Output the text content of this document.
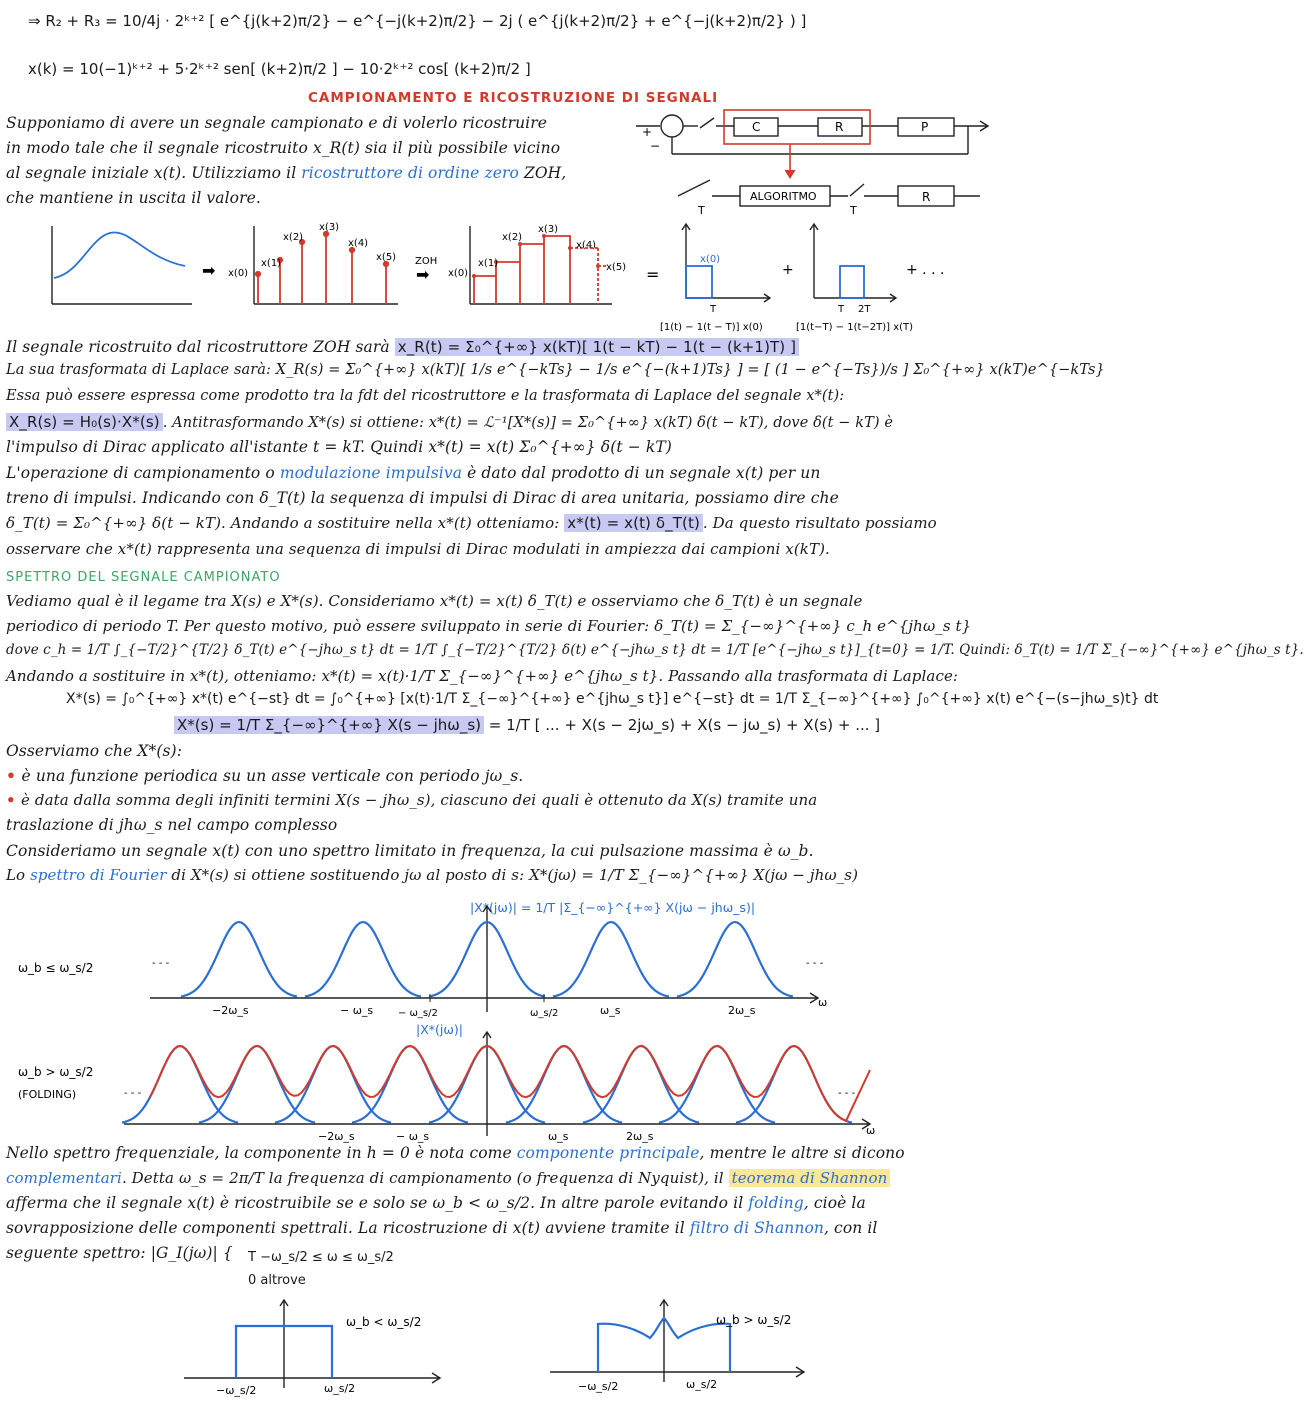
⇒ R₂ + R₃ = 10/4j · 2ᵏ⁺² [ e^{j(k+2)π/2} − e^{−j(k+2)π/2} − 2j ( e^{j(k+2)π/2} + e^{−j(k+2)π/2} ) ]
x(k) = 10(−1)ᵏ⁺² + 5·2ᵏ⁺² sen[ (k+2)π/2 ] − 10·2ᵏ⁺² cos[ (k+2)π/2 ]
CAMPIONAMENTO E RICOSTRUZIONE DI SEGNALI
Supponiamo di avere un segnale campionato e di volerlo ricostruire
in modo tale che il segnale ricostruito x_R(t) sia il più possibile vicino
al segnale iniziale x(t). Utilizziamo il ricostruttore di ordine zero ZOH,
che mantiene in uscita il valore.
+
−
C	R	P
ALGORITMO	R
T	T
➡ x(0)
x(1)
x(2)
x(3)
x(4)
x(5) ZOH
➡ x(0)
x(1)
x(2)
x(3)
x(4)
x(5) =
x(0)
T
[1(t) − 1(t − T)] x(0)
+
T 2T
[1(t−T) − 1(t−2T)] x(T)
+ . . .
Il segnale ricostruito dal ricostruttore ZOH sarà x_R(t) = Σ₀^{+∞} x(kT)[ 1(t − kT) − 1(t − (k+1)T) ]
La sua trasformata di Laplace sarà: X_R(s) = Σ₀^{+∞} x(kT)[ 1/s e^{−kTs} − 1/s e^{−(k+1)Ts} ] = [ (1 − e^{−Ts})/s ] Σ₀^{+∞} x(kT)e^{−kTs}
Essa può essere espressa come prodotto tra la fdt del ricostruttore e la trasformata di Laplace del segnale x*(t):
X_R(s) = H₀(s)·X*(s) . Antitrasformando X*(s) si ottiene: x*(t) = ℒ⁻¹[X*(s)] = Σ₀^{+∞} x(kT) δ(t − kT), dove δ(t − kT) è
l'impulso di Dirac applicato all'istante t = kT. Quindi x*(t) = x(t) Σ₀^{+∞} δ(t − kT)
L'operazione di campionamento o modulazione impulsiva è dato dal prodotto di un segnale x(t) per un
treno di impulsi. Indicando con δ_T(t) la sequenza di impulsi di Dirac di area unitaria, possiamo dire che
δ_T(t) = Σ₀^{+∞} δ(t − kT). Andando a sostituire nella x*(t) otteniamo: x*(t) = x(t) δ_T(t) . Da questo risultato possiamo
osservare che x*(t) rappresenta una sequenza di impulsi di Dirac modulati in ampiezza dai campioni x(kT).
SPETTRO DEL SEGNALE CAMPIONATO
Vediamo qual è il legame tra X(s) e X*(s). Consideriamo x*(t) = x(t) δ_T(t) e osserviamo che δ_T(t) è un segnale
periodico di periodo T. Per questo motivo, può essere sviluppato in serie di Fourier: δ_T(t) = Σ_{−∞}^{+∞} c_h e^{jhω_s t}
dove c_h = 1/T ∫_{−T/2}^{T/2} δ_T(t) e^{−jhω_s t} dt = 1/T ∫_{−T/2}^{T/2} δ(t) e^{−jhω_s t} dt = 1/T [e^{−jhω_s t}]_{t=0} = 1/T. Quindi: δ_T(t) = 1/T Σ_{−∞}^{+∞} e^{jhω_s t}.
Andando a sostituire in x*(t), otteniamo: x*(t) = x(t)·1/T Σ_{−∞}^{+∞} e^{jhω_s t}. Passando alla trasformata di Laplace:
X*(s) = ∫₀^{+∞} x*(t) e^{−st} dt = ∫₀^{+∞} [x(t)·1/T Σ_{−∞}^{+∞} e^{jhω_s t}] e^{−st} dt = 1/T Σ_{−∞}^{+∞} ∫₀^{+∞} x(t) e^{−(s−jhω_s)t} dt
X*(s) = 1/T Σ_{−∞}^{+∞} X(s − jhω_s) = 1/T [ ... + X(s − 2jω_s) + X(s − jω_s) + X(s) + ... ]
Osserviamo che X*(s):
• è una funzione periodica su un asse verticale con periodo jω_s.
• è data dalla somma degli infiniti termini X(s − jhω_s), ciascuno dei quali è ottenuto da X(s) tramite una
traslazione di jhω_s nel campo complesso
Consideriamo un segnale x(t) con uno spettro limitato in frequenza, la cui pulsazione massima è ω_b.
Lo spettro di Fourier di X*(s) si ottiene sostituendo jω al posto di s: X*(jω) = 1/T Σ_{−∞}^{+∞} X(jω − jhω_s)
|X*(jω)| = 1/T |Σ_{−∞}^{+∞} X(jω − jhω_s)|
ω_b ≤ ω_s/2	- - -	- - -
−2ω_s	− ω_s − ω_s/2	ω_s/2	ω_s	2ω_s
ω
|X*(jω)|
ω_b > ω_s/2
(FOLDING)	- - -	- - -
−2ω_s	− ω_s	ω_s	2ω_s	ω
Nello spettro frequenziale, la componente in h = 0 è nota come componente principale, mentre le altre si dicono
complementari. Detta ω_s = 2π/T la frequenza di campionamento (o frequenza di Nyquist), il teorema di Shannon
afferma che il segnale x(t) è ricostruibile se e solo se ω_b < ω_s/2. In altre parole evitando il folding, cioè la
sovrapposizione delle componenti spettrali. La ricostruzione di x(t) avviene tramite il filtro di Shannon, con il
seguente spettro: |G_I(jω)| {	T −ω_s/2 ≤ ω ≤ ω_s/2
0 altrove
ω_b < ω_s/2
−ω_s/2	ω_s/2
ω_b > ω_s/2
−ω_s/2	ω_s/2
